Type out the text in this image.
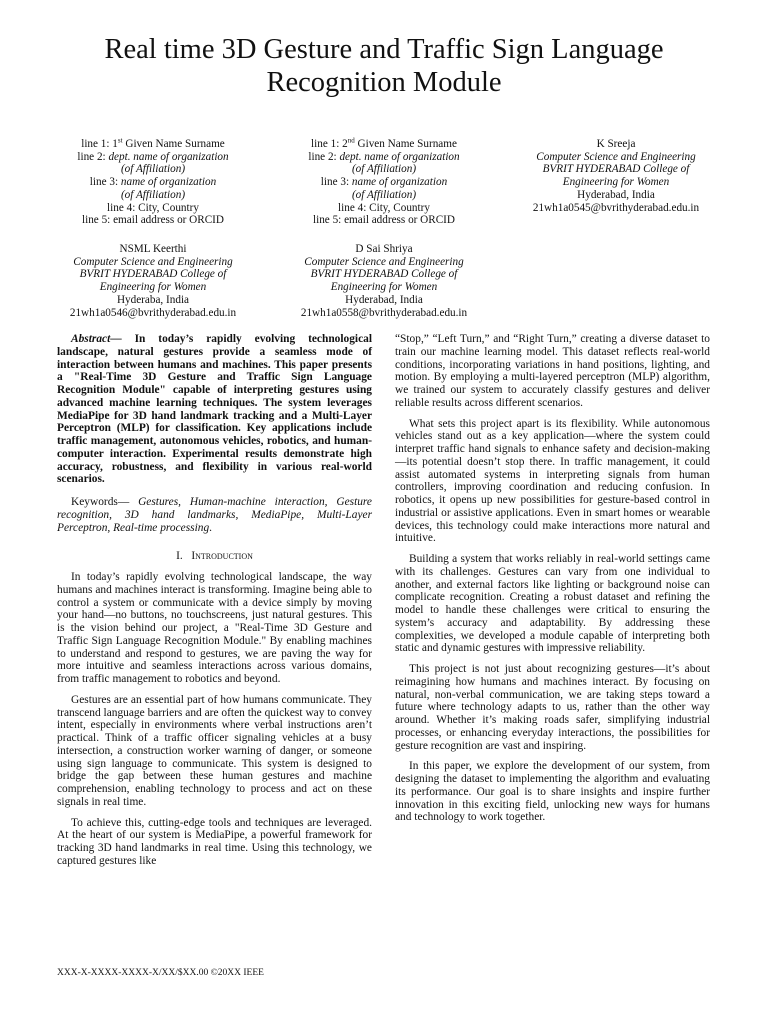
Real time 3D Gesture and Traffic Sign Language Recognition Module
line 1: 1st Given Name Surname
line 2: dept. name of organization
(of Affiliation)
line 3: name of organization
(of Affiliation)
line 4: City, Country
line 5: email address or ORCID
line 1: 2nd Given Name Surname
line 2: dept. name of organization
(of Affiliation)
line 3: name of organization
(of Affiliation)
line 4: City, Country
line 5: email address or ORCID
K Sreeja
Computer Science and Engineering
BVRIT HYDERABAD College of
Engineering for Women
Hyderabad, India
21wh1a0545@bvrithyderabad.edu.in
NSML Keerthi
Computer Science and Engineering
BVRIT HYDERABAD College of
Engineering for Women
Hyderaba, India
21wh1a0546@bvrithyderabad.edu.in
D Sai Shriya
Computer Science and Engineering
BVRIT HYDERABAD College of
Engineering for Women
Hyderabad, India
21wh1a0558@bvrithyderabad.edu.in

Abstract— In today’s rapidly evolving technological landscape, natural gestures provide a seamless mode of interaction between humans and machines. This paper presents a "Real-Time 3D Gesture and Traffic Sign Language Recognition Module" capable of interpreting gestures using advanced machine learning techniques. The system leverages MediaPipe for 3D hand landmark tracking and a Multi-Layer Perceptron (MLP) for classification. Key applications include traffic management, autonomous vehicles, robotics, and human-computer interaction. Experimental results demonstrate high accuracy, robustness, and flexibility in various real-world scenarios.

Keywords— Gestures, Human-machine interaction, Gesture recognition, 3D hand landmarks, MediaPipe, Multi-Layer Perceptron, Real-time processing.

I. Introduction

In today’s rapidly evolving technological landscape, the way humans and machines interact is transforming. Imagine being able to control a system or communicate with a device simply by moving your hand—no buttons, no touchscreens, just natural gestures. This is the vision behind our project, a "Real-Time 3D Gesture and Traffic Sign Language Recognition Module." By enabling machines to understand and respond to gestures, we are paving the way for more intuitive and seamless interactions across various domains, from traffic management to robotics and beyond.

Gestures are an essential part of how humans communicate. They transcend language barriers and are often the quickest way to convey intent, especially in environments where verbal instructions aren’t practical. Think of a traffic officer signaling vehicles at a busy intersection, a construction worker warning of danger, or someone using sign language to communicate. This system is designed to bridge the gap between these human gestures and machine comprehension, enabling technology to process and act on these signals in real time.

To achieve this, cutting-edge tools and techniques are leveraged. At the heart of our system is MediaPipe, a powerful framework for tracking 3D hand landmarks in real time. Using this technology, we captured gestures like

“Stop,” “Left Turn,” and “Right Turn,” creating a diverse dataset to train our machine learning model. This dataset reflects real-world conditions, incorporating variations in hand positions, lighting, and motion. By employing a multi-layered perceptron (MLP) algorithm, we trained our system to accurately classify gestures and deliver reliable results across different scenarios.

What sets this project apart is its flexibility. While autonomous vehicles stand out as a key application—where the system could interpret traffic hand signals to enhance safety and decision-making—its potential doesn’t stop there. In traffic management, it could assist automated systems in interpreting signals from human controllers, improving coordination and reducing confusion. In robotics, it opens up new possibilities for gesture-based control in industrial or assistive applications. Even in smart homes or wearable devices, this technology could make interactions more natural and intuitive.

Building a system that works reliably in real-world settings came with its challenges. Gestures can vary from one individual to another, and external factors like lighting or background noise can complicate recognition. Creating a robust dataset and refining the model to handle these challenges were critical to ensuring the system’s accuracy and adaptability. By addressing these complexities, we developed a module capable of interpreting both static and dynamic gestures with impressive reliability.

This project is not just about recognizing gestures—it’s about reimagining how humans and machines interact. By focusing on natural, non-verbal communication, we are taking steps toward a future where technology adapts to us, rather than the other way around. Whether it’s making roads safer, simplifying industrial processes, or enhancing everyday interactions, the possibilities for gesture recognition are vast and inspiring.

In this paper, we explore the development of our system, from designing the dataset to implementing the algorithm and evaluating its performance. Our goal is to share insights and inspire further innovation in this exciting field, unlocking new ways for humans and technology to work together.

XXX-X-XXXX-XXXX-X/XX/$XX.00 ©20XX IEEE
